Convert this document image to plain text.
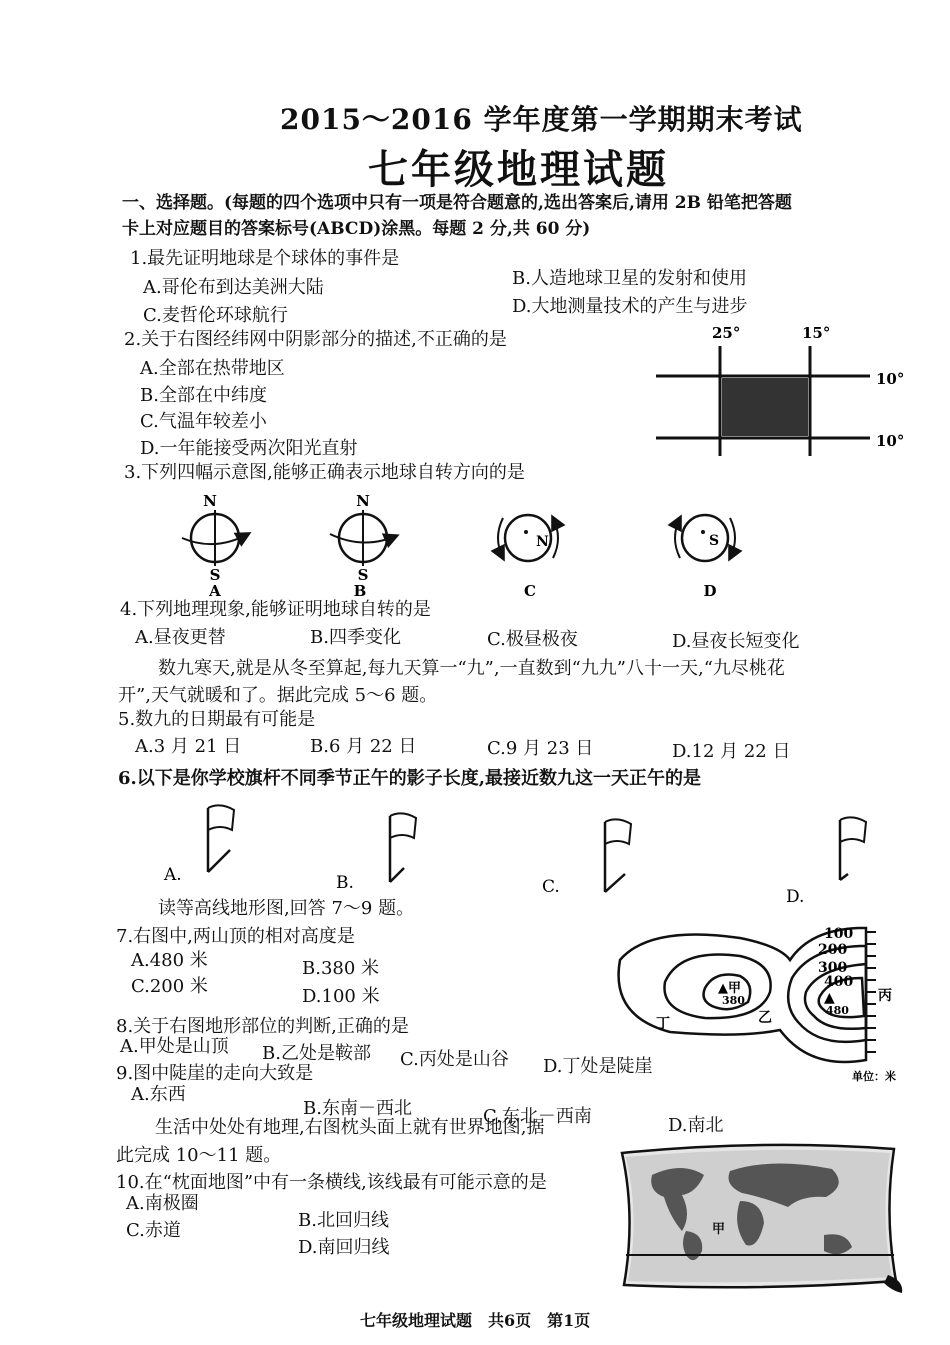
2015～2016 学年度第一学期期末考试
七年级地理试题
一、选择题。(每题的四个选项中只有一项是符合题意的,选出答案后,请用 2B 铅笔把答题
卡上对应题目的答案标号(ABCD)涂黑。每题 2 分,共 60 分)
1.最先证明地球是个球体的事件是
A.哥伦布到达美洲大陆	B.人造地球卫星的发射和使用
C.麦哲伦环球航行	D.大地测量技术的产生与进步
2.关于右图经纬网中阴影部分的描述,不正确的是
A.全部在热带地区
B.全部在中纬度
C.气温年较差小
D.一年能接受两次阳光直射
25°	15°
10°
10°
3.下列四幅示意图,能够正确表示地球自转方向的是
N
S
A
N
S
B
N
C
S
D
4.下列地理现象,能够证明地球自转的是
A.昼夜更替	B.四季变化	C.极昼极夜	D.昼夜长短变化
数九寒天,就是从冬至算起,每九天算一“九”,一直数到“九九”八十一天,“九尽桃花
开”,天气就暖和了。据此完成 5～6 题。
5.数九的日期最有可能是
A.3 月 21 日	B.6 月 22 日	C.9 月 23 日	D.12 月 22 日
6.以下是你学校旗杆不同季节正午的影子长度,最接近数九这一天正午的是
A.	B.	C.	D.
读等高线地形图,回答 7～9 题。
7.右图中,两山顶的相对高度是
A.480 米	B.380 米
C.200 米	D.100 米
8.关于右图地形部位的判断,正确的是
A.甲处是山顶 B.乙处是鞍部 C.丙处是山谷 D.丁处是陡崖
100
200
300
400
▲甲
380	▲
480
丙
乙
丁
单位：米
9.图中陡崖的走向大致是
A.东西
B.东南－西北	C.东北－西南	D.南北
生活中处处有地理,右图枕头面上就有世界地图,据
此完成 10～11 题。
10.在“枕面地图”中有一条横线,该线最有可能示意的是
A.南极圈
B.北回归线
C.赤道
D.南回归线
甲
七年级地理试题　共6页　第1页
